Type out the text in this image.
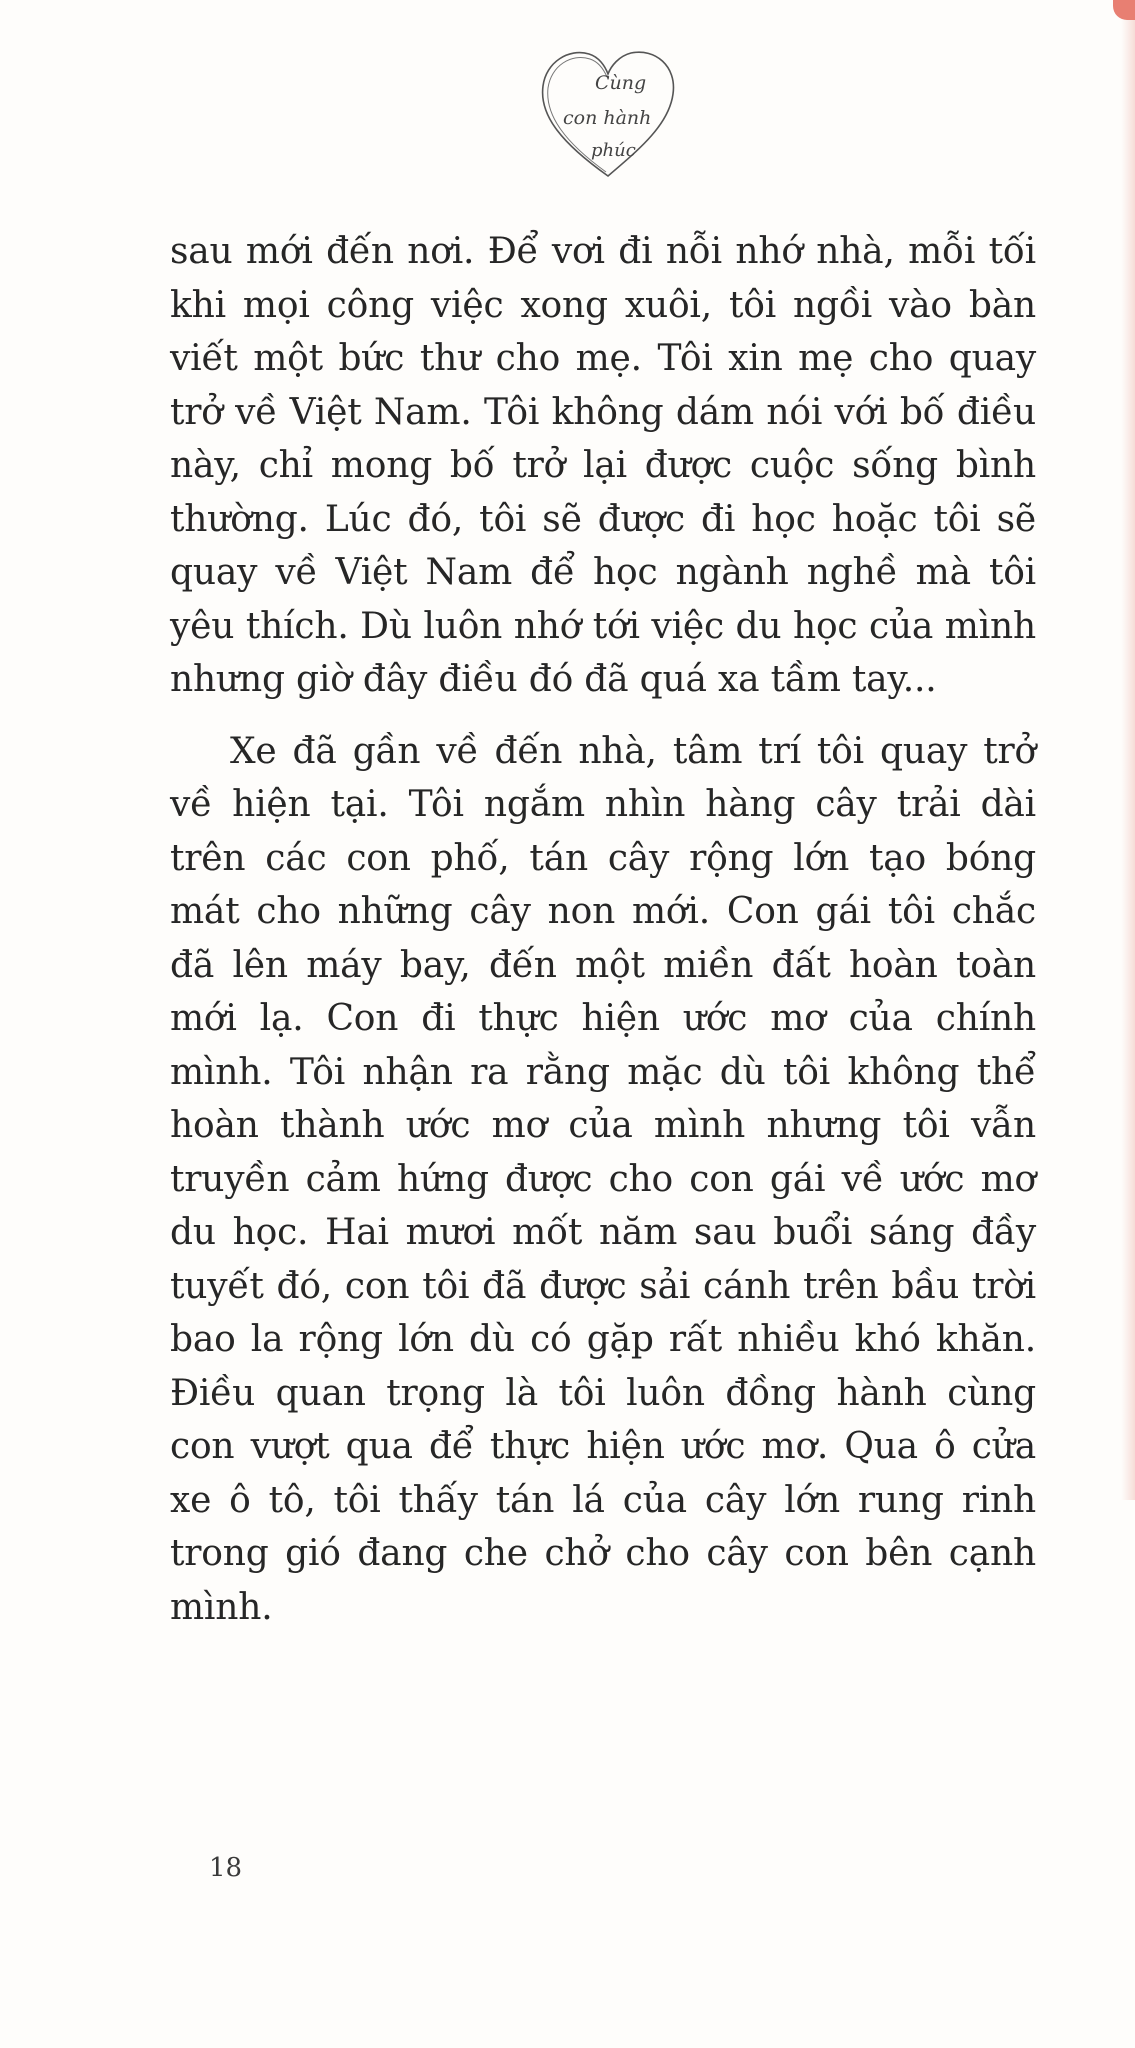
Cùng
con hành
phúc

sau mới đến nơi. Để vơi đi nỗi nhớ nhà, mỗi tối khi mọi công việc xong xuôi, tôi ngồi vào bàn viết một bức thư cho mẹ. Tôi xin mẹ cho quay trở về Việt Nam. Tôi không dám nói với bố điều này, chỉ mong bố trở lại được cuộc sống bình thường. Lúc đó, tôi sẽ được đi học hoặc tôi sẽ quay về Việt Nam để học ngành nghề mà tôi yêu thích. Dù luôn nhớ tới việc du học của mình nhưng giờ đây điều đó đã quá xa tầm tay...

Xe đã gần về đến nhà, tâm trí tôi quay trở về hiện tại. Tôi ngắm nhìn hàng cây trải dài trên các con phố, tán cây rộng lớn tạo bóng mát cho những cây non mới. Con gái tôi chắc đã lên máy bay, đến một miền đất hoàn toàn mới lạ. Con đi thực hiện ước mơ của chính mình. Tôi nhận ra rằng mặc dù tôi không thể hoàn thành ước mơ của mình nhưng tôi vẫn truyền cảm hứng được cho con gái về ước mơ du học. Hai mươi mốt năm sau buổi sáng đầy tuyết đó, con tôi đã được sải cánh trên bầu trời bao la rộng lớn dù có gặp rất nhiều khó khăn. Điều quan trọng là tôi luôn đồng hành cùng con vượt qua để thực hiện ước mơ. Qua ô cửa xe ô tô, tôi thấy tán lá của cây lớn rung rinh trong gió đang che chở cho cây con bên cạnh mình.

18
